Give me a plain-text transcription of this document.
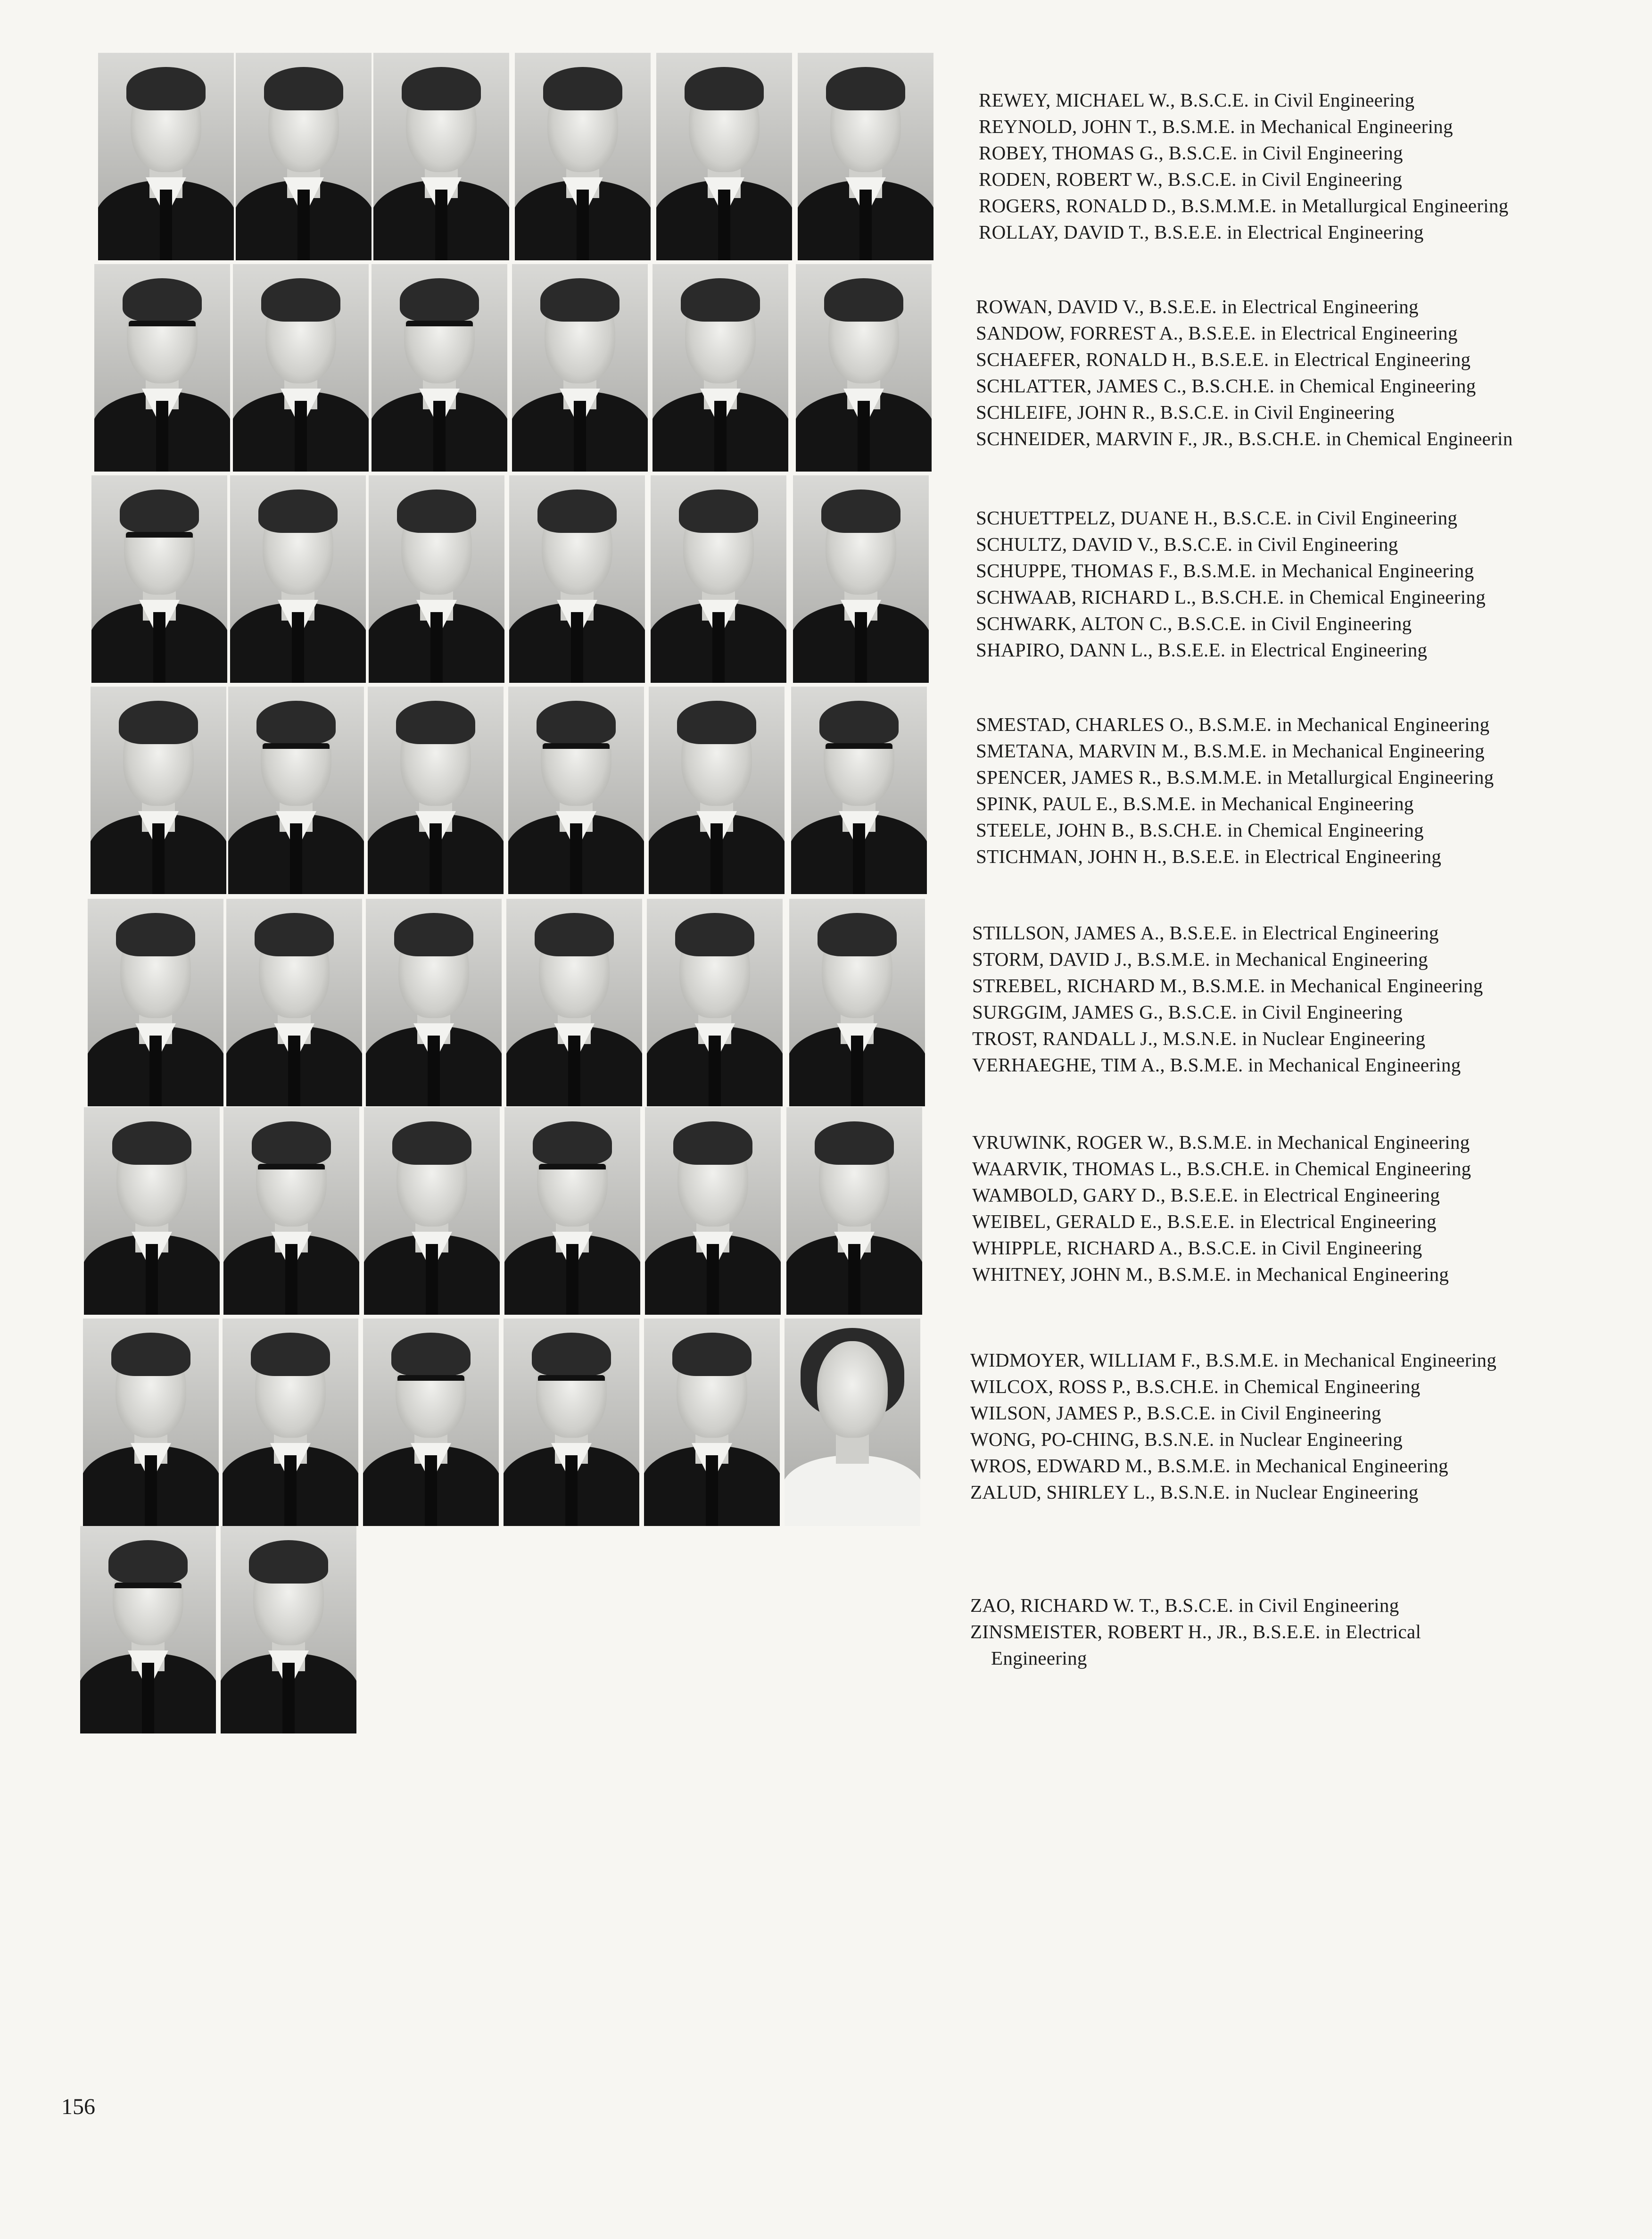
REWEY, MICHAEL W., B.S.C.E. in Civil Engineering
REYNOLD, JOHN T., B.S.M.E. in Mechanical Engineering
ROBEY, THOMAS G., B.S.C.E. in Civil Engineering
RODEN, ROBERT W., B.S.C.E. in Civil Engineering
ROGERS, RONALD D., B.S.M.M.E. in Metallurgical Engineering
ROLLAY, DAVID T., B.S.E.E. in Electrical Engineering
ROWAN, DAVID V., B.S.E.E. in Electrical Engineering
SANDOW, FORREST A., B.S.E.E. in Electrical Engineering
SCHAEFER, RONALD H., B.S.E.E. in Electrical Engineering
SCHLATTER, JAMES C., B.S.CH.E. in Chemical Engineering
SCHLEIFE, JOHN R., B.S.C.E. in Civil Engineering
SCHNEIDER, MARVIN F., JR., B.S.CH.E. in Chemical Engineerin
SCHUETTPELZ, DUANE H., B.S.C.E. in Civil Engineering
SCHULTZ, DAVID V., B.S.C.E. in Civil Engineering
SCHUPPE, THOMAS F., B.S.M.E. in Mechanical Engineering
SCHWAAB, RICHARD L., B.S.CH.E. in Chemical Engineering
SCHWARK, ALTON C., B.S.C.E. in Civil Engineering
SHAPIRO, DANN L., B.S.E.E. in Electrical Engineering
SMESTAD, CHARLES O., B.S.M.E. in Mechanical Engineering
SMETANA, MARVIN M., B.S.M.E. in Mechanical Engineering
SPENCER, JAMES R., B.S.M.M.E. in Metallurgical Engineering
SPINK, PAUL E., B.S.M.E. in Mechanical Engineering
STEELE, JOHN B., B.S.CH.E. in Chemical Engineering
STICHMAN, JOHN H., B.S.E.E. in Electrical Engineering
STILLSON, JAMES A., B.S.E.E. in Electrical Engineering
STORM, DAVID J., B.S.M.E. in Mechanical Engineering
STREBEL, RICHARD M., B.S.M.E. in Mechanical Engineering
SURGGIM, JAMES G., B.S.C.E. in Civil Engineering
TROST, RANDALL J., M.S.N.E. in Nuclear Engineering
VERHAEGHE, TIM A., B.S.M.E. in Mechanical Engineering
VRUWINK, ROGER W., B.S.M.E. in Mechanical Engineering
WAARVIK, THOMAS L., B.S.CH.E. in Chemical Engineering
WAMBOLD, GARY D., B.S.E.E. in Electrical Engineering
WEIBEL, GERALD E., B.S.E.E. in Electrical Engineering
WHIPPLE, RICHARD A., B.S.C.E. in Civil Engineering
WHITNEY, JOHN M., B.S.M.E. in Mechanical Engineering
WIDMOYER, WILLIAM F., B.S.M.E. in Mechanical Engineering
WILCOX, ROSS P., B.S.CH.E. in Chemical Engineering
WILSON, JAMES P., B.S.C.E. in Civil Engineering
WONG, PO-CHING, B.S.N.E. in Nuclear Engineering
WROS, EDWARD M., B.S.M.E. in Mechanical Engineering
ZALUD, SHIRLEY L., B.S.N.E. in Nuclear Engineering
ZAO, RICHARD W. T., B.S.C.E. in Civil Engineering
ZINSMEISTER, ROBERT H., JR., B.S.E.E. in Electrical
Engineering
156
